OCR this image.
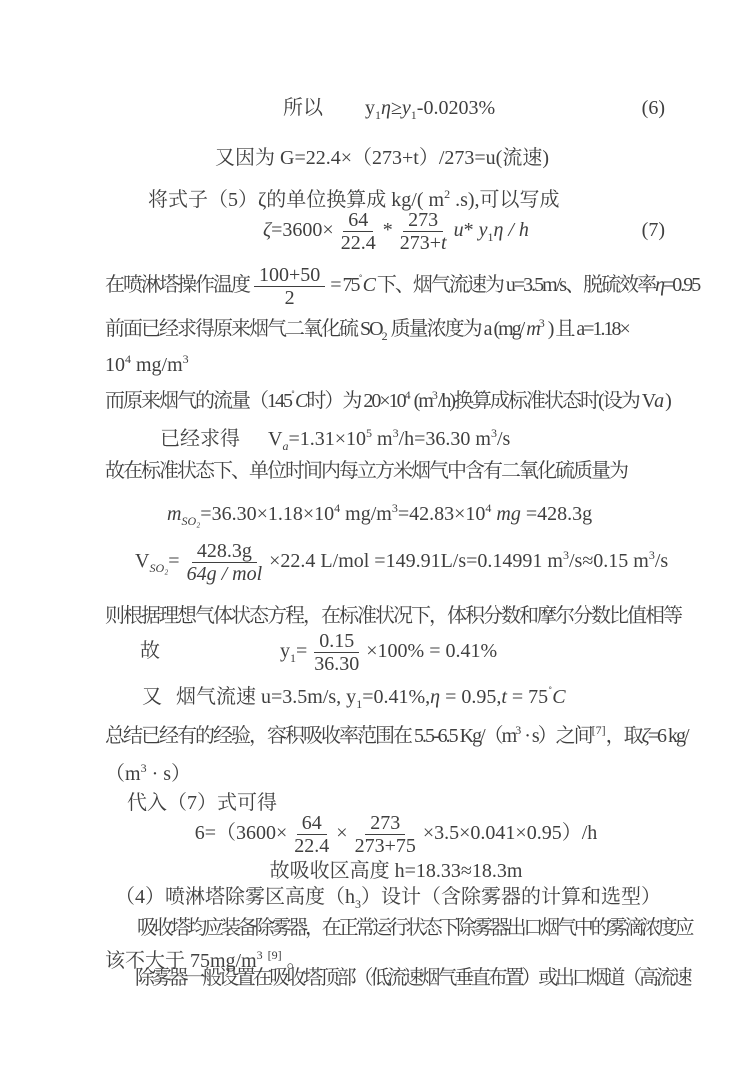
所以 $y_1\eta\ge y_1-0.0203\%$	(6)
又因为 G=22.4×（273+t）/273=u(流速)
将式子（5）ζ的单位换算成 kg/( $m^2$ .s),可以写成
$\zeta=3600\times \frac{64}{22.4} * \frac{273}{273+t} u*$ $y_1\eta$ / h	(7)
在喷淋塔操作温度 $\frac{100+50}{2} = 75^˚C$ 下、烟气流速为 u=3.5m/s、脱硫效率η=0.95
前面已经求得原来烟气二氧化硫 $SO_2$ 质量浓度为 a (mg/ $m^3$ ) 且 a=1.18×
$10^4$ $mg/m^3$
而原来烟气的流量（145˚C时）为 $20\times 10^4$ $(m^3/h)$换算成标准状态时(设为 Va )
已经求得 $V_a=1.31\times 10^5$ $m^3/h=36.30$ $m^3/s$
故在标准状态下、单位时间内每立方米烟气中含有二氧化硫质量为
$m_{SO_2}=36.30\times 1.18\times 10^4$ $mg/m^3=42.83\times 10^4$ mg =428.3g
$V_{SO_2}= \frac{428.3g}{\text{64g / mol}} \times 22.4$ L/mol =149.91L/s=0.14991 $m^3/s\approx 0.15$ $m^3/s$
则根据理想气体状态方程，在标准状况下，体积分数和摩尔分数比值相等
故	$y_1= \frac{0.15}{36.30} \times 100\% = 0.41\%$
又 烟气流速 u=3.5m/s, $y_1=0.41\%,\eta = 0.95,t = 75^˚C$
总结已经有的经验，容积吸收率范围在 5.5-6.5 $Kg/(m^3 \cdot s)$之间[7]，取ζ=6 kg/
$(m^3 \cdot s)$
代入（7）式可得
$6=(3600\times \frac{64}{22.4} \times \frac{273}{273+75} \times 3.5\times 0.041\times 0.95)/h$
故吸收区高度 h=18.33≈18.3m
（4）喷淋塔除雾区高度$(h_3)$设计（含除雾器的计算和选型）
吸收塔均应装备除雾器，在正常运行状态下除雾器出口烟气中的雾滴浓度应
该不大于 $75mg/m^3$ [9] 。
除雾器一般设置在吸收塔顶部（低流速烟气垂直布置）或出口烟道（高流速
